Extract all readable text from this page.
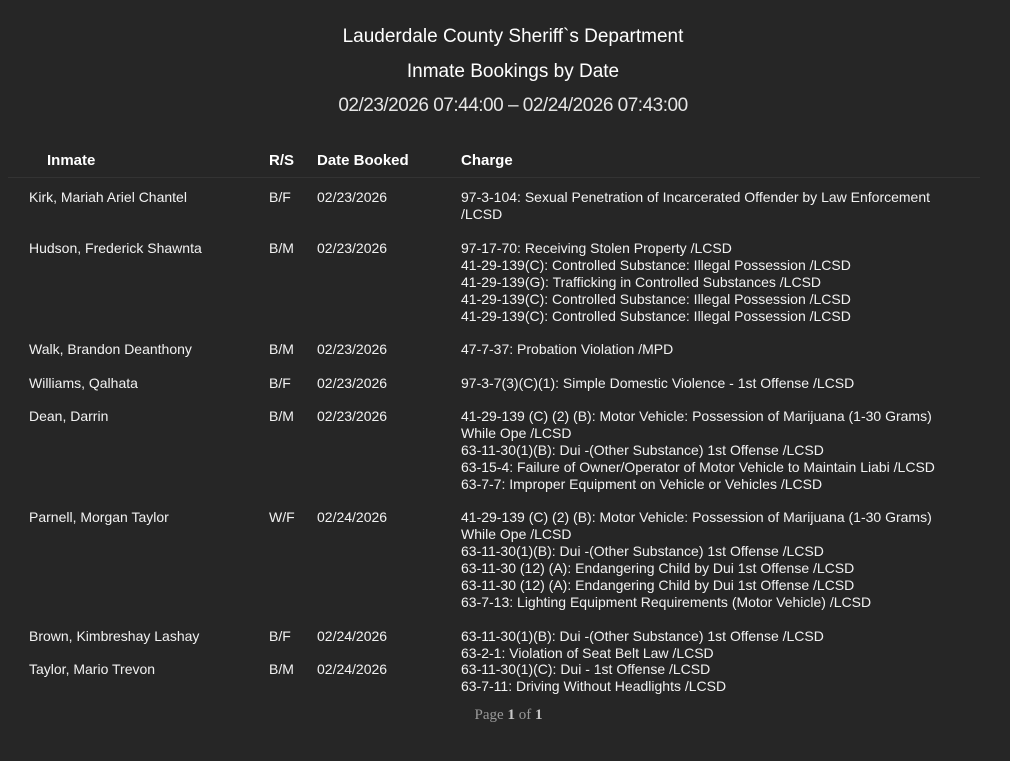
Lauderdale County Sheriff`s Department
Inmate Bookings by Date
02/23/2026 07:44:00 – 02/24/2026 07:43:00
Inmate	R/S Date Booked	Charge
Kirk, Mariah Ariel Chantel	B/F 02/23/2026	97-3-104: Sexual Penetration of Incarcerated Offender by Law Enforcement
/LCSD
Hudson, Frederick Shawnta	B/M 02/23/2026	97-17-70: Receiving Stolen Property /LCSD
41-29-139(C): Controlled Substance: Illegal Possession /LCSD
41-29-139(G): Trafficking in Controlled Substances /LCSD
41-29-139(C): Controlled Substance: Illegal Possession /LCSD
41-29-139(C): Controlled Substance: Illegal Possession /LCSD
Walk, Brandon Deanthony	B/M 02/23/2026	47-7-37: Probation Violation /MPD
Williams, Qalhata	B/F 02/23/2026	97-3-7(3)(C)(1): Simple Domestic Violence - 1st Offense /LCSD
Dean, Darrin	B/M 02/23/2026	41-29-139 (C) (2) (B): Motor Vehicle: Possession of Marijuana (1-30 Grams)
While Ope /LCSD
63-11-30(1)(B): Dui -(Other Substance) 1st Offense /LCSD
63-15-4: Failure of Owner/Operator of Motor Vehicle to Maintain Liabi /LCSD
63-7-7: Improper Equipment on Vehicle or Vehicles /LCSD
Parnell, Morgan Taylor	W/F 02/24/2026	41-29-139 (C) (2) (B): Motor Vehicle: Possession of Marijuana (1-30 Grams)
While Ope /LCSD
63-11-30(1)(B): Dui -(Other Substance) 1st Offense /LCSD
63-11-30 (12) (A): Endangering Child by Dui 1st Offense /LCSD
63-11-30 (12) (A): Endangering Child by Dui 1st Offense /LCSD
63-7-13: Lighting Equipment Requirements (Motor Vehicle) /LCSD
Brown, Kimbreshay Lashay	B/F 02/24/2026	63-11-30(1)(B): Dui -(Other Substance) 1st Offense /LCSD
63-2-1: Violation of Seat Belt Law /LCSD
Taylor, Mario Trevon	B/M 02/24/2026	63-11-30(1)(C): Dui - 1st Offense /LCSD
63-7-11: Driving Without Headlights /LCSD
Page 1 of 1
